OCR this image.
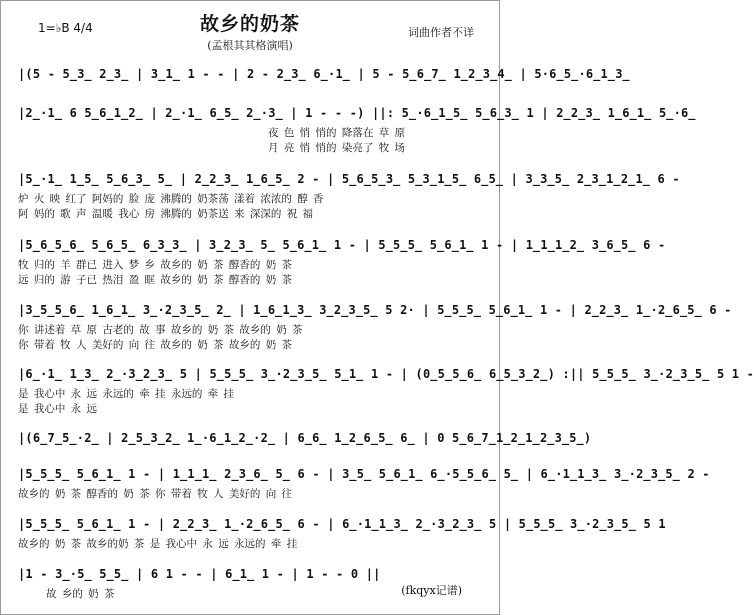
1=♭B 4/4	故乡的奶茶
(孟根其其格演唱)
词曲作者不详
|(5 - 5̲3̲ 2̲3̲ | 3̲1̲ 1 - - | 2 - 2̲3̲ 6̲·1̲ | 5 - 5̲6̲7̲ 1̲2̲3̲4̲ | 5·6̲5̲·6̲1̲3̲
|2̲·1̲ 6 5̲6̲1̲2̲ | 2̲·1̲ 6̲5̲ 2̲·3̲ | 1 - - -) ||: 5̲·6̲1̲5̲ 5̲6̲3̲ 1 | 2̲2̲3̲ 1̲6̲1̲ 5̲·6̲
夜 色 悄 悄的 降落在 草 原
月 亮 悄 悄的 染亮了 牧 场
|5̲·1̲ 1̲5̲ 5̲6̲3̲ 5̲ | 2̲2̲3̲ 1̲6̲5̲ 2 - | 5̲6̲5̲3̲ 5̲3̲1̲5̲ 6̲5̲ | 3̲3̲5̲ 2̲3̲1̲2̲1̲ 6 -
炉 火 映 红了 阿妈的 脸 庞 沸腾的 奶茶荡 漾着 浓浓的 醇 香
阿 妈的 歌 声 温暖 我心 房 沸腾的 奶茶送 来 深深的 祝 福
|5̲6̲5̲6̲ 5̲6̲5̲ 6̲3̲3̲ | 3̲2̲3̲ 5̲ 5̲6̲1̲ 1 - | 5̲5̲5̲ 5̲6̲1̲ 1 - | 1̲1̲1̲2̲ 3̲6̲5̲ 6 -
牧 归的 羊 群已 进入 梦 乡 故乡的 奶 茶 醇香的 奶 茶
远 归的 游 子已 热泪 盈 眶 故乡的 奶 茶 醇香的 奶 茶
|3̲5̲5̲6̲ 1̲6̲1̲ 3̲·2̲3̲5̲ 2̲ | 1̲6̲1̲3̲ 3̲2̲3̲5̲ 5 2· | 5̲5̲5̲ 5̲6̲1̲ 1 - | 2̲2̲3̲ 1̲·2̲6̲5̲ 6 -
你 讲述着 草 原 古老的 故 事 故乡的 奶 茶 故乡的 奶 茶
你 带着 牧 人 美好的 向 往 故乡的 奶 茶 故乡的 奶 茶
|6̲·1̲ 1̲3̲ 2̲·3̲2̲3̲ 5 | 5̲5̲5̲ 3̲·2̲3̲5̲ 5̲1̲ 1 - | (0̲5̲5̲6̲ 6̲5̲3̲2̲) :|| 5̲5̲5̲ 3̲·2̲3̲5̲ 5 1 -
是 我心中 永 远 永远的 牵 挂 永远的 牵 挂
是 我心中 永 远
|(6̲7̲5̲·2̲ | 2̲5̲3̲2̲ 1̲·6̲1̲2̲·2̲ | 6̲6̲ 1̲2̲6̲5̲ 6̲ | 0 5̲6̲7̲1̲2̲1̲2̲3̲5̲)
|5̲5̲5̲ 5̲6̲1̲ 1 - | 1̲1̲1̲ 2̲3̲6̲ 5̲ 6 - | 3̲5̲ 5̲6̲1̲ 6̲·5̲5̲6̲ 5̲ | 6̲·1̲1̲3̲ 3̲·2̲3̲5̲ 2 -
故乡的 奶 茶 醇香的 奶 茶 你 带着 牧 人 美好的 向 往
|5̲5̲5̲ 5̲6̲1̲ 1 - | 2̲2̲3̲ 1̲·2̲6̲5̲ 6 - | 6̲·1̲1̲3̲ 2̲·3̲2̲3̲ 5 | 5̲5̲5̲ 3̲·2̲3̲5̲ 5 1
故乡的 奶 茶 故乡的奶 茶 是 我心中 永 远 永远的 牵 挂
|1 - 3̲·5̲ 5̲5̲ | 6 1 - - | 6̲1̲ 1 - | 1 - - 0 ||
故 乡的 奶 茶	(fkqyx记谱)
